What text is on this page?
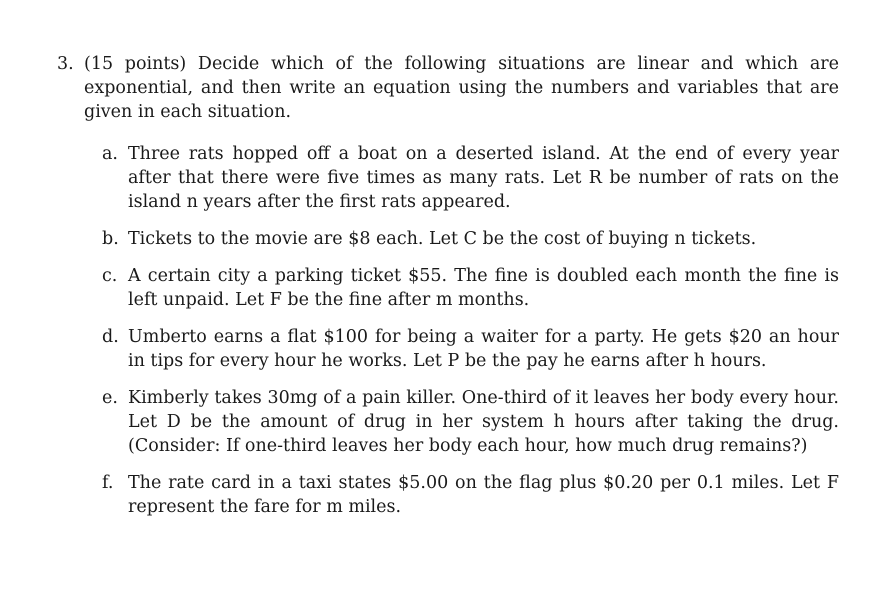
3. (15 points) Decide which of the following situations are linear and which are exponential, and then write an equation using the numbers and variables that are given in each situation.
a. Three rats hopped off a boat on a deserted island. At the end of every year after that there were five times as many rats. Let R be number of rats on the island n years after the first rats appeared.
b. Tickets to the movie are $8 each. Let C be the cost of buying n tickets.
c. A certain city a parking ticket $55. The fine is doubled each month the fine is left unpaid. Let F be the fine after m months.
d. Umberto earns a flat $100 for being a waiter for a party. He gets $20 an hour in tips for every hour he works. Let P be the pay he earns after h hours.
e. Kimberly takes 30mg of a pain killer. One-third of it leaves her body every hour. Let D be the amount of drug in her system h hours after taking the drug. (Consider: If one-third leaves her body each hour, how much drug remains?)
f. The rate card in a taxi states $5.00 on the flag plus $0.20 per 0.1 miles. Let F represent the fare for m miles.
